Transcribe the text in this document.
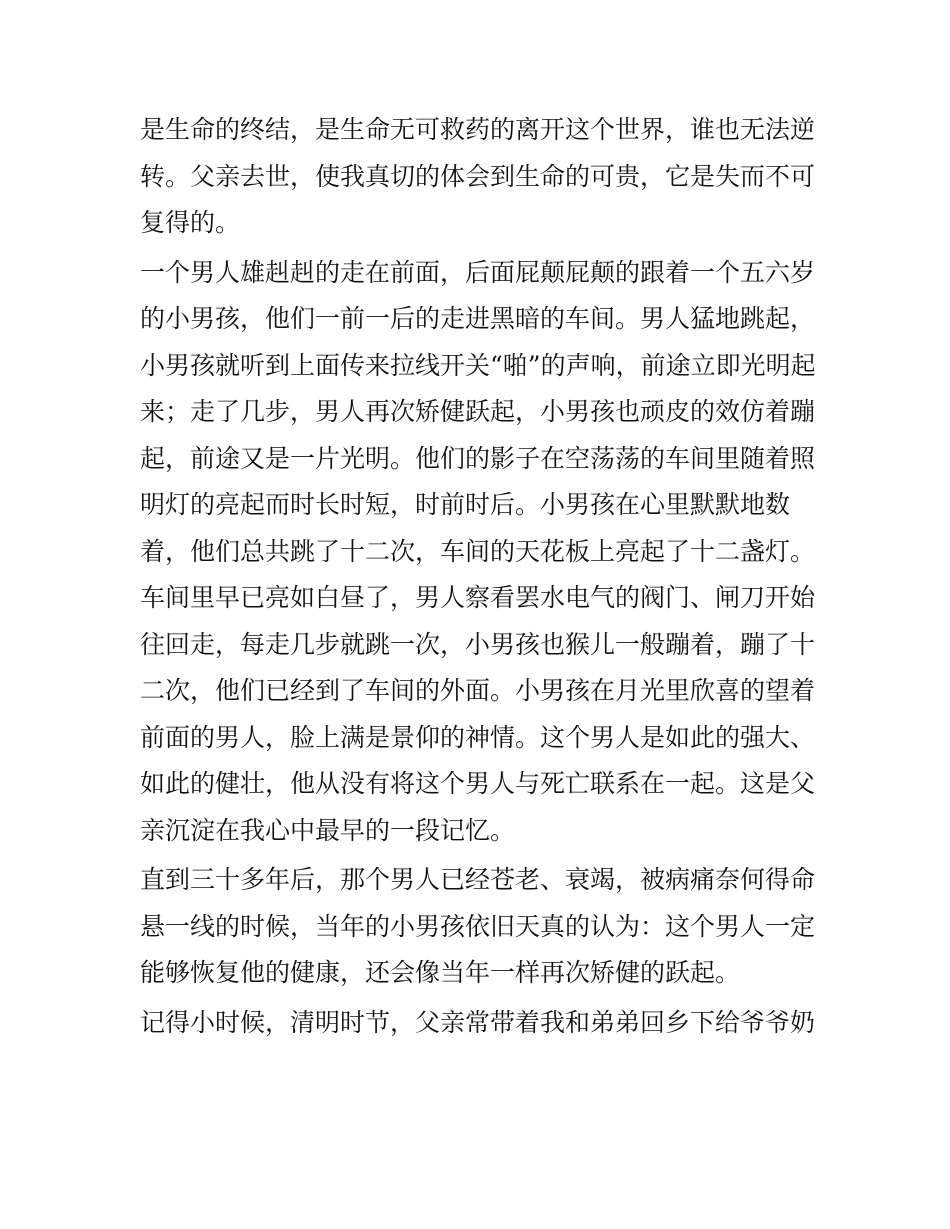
是生命的终结，是生命无可救药的离开这个世界，谁也无法逆
转。父亲去世，使我真切的体会到生命的可贵，它是失而不可
复得的。

一个男人雄赳赳的走在前面，后面屁颠屁颠的跟着一个五六岁
的小男孩，他们一前一后的走进黑暗的车间。男人猛地跳起，
小男孩就听到上面传来拉线开关“啪”的声响，前途立即光明起
来；走了几步，男人再次矫健跃起，小男孩也顽皮的效仿着蹦
起，前途又是一片光明。他们的影子在空荡荡的车间里随着照
明灯的亮起而时长时短，时前时后。小男孩在心里默默地数
着，他们总共跳了十二次，车间的天花板上亮起了十二盏灯。
车间里早已亮如白昼了，男人察看罢水电气的阀门、闸刀开始
往回走，每走几步就跳一次，小男孩也猴儿一般蹦着，蹦了十
二次，他们已经到了车间的外面。小男孩在月光里欣喜的望着
前面的男人，脸上满是景仰的神情。这个男人是如此的强大、
如此的健壮，他从没有将这个男人与死亡联系在一起。这是父
亲沉淀在我心中最早的一段记忆。

直到三十多年后，那个男人已经苍老、衰竭，被病痛奈何得命
悬一线的时候，当年的小男孩依旧天真的认为：这个男人一定
能够恢复他的健康，还会像当年一样再次矫健的跃起。

记得小时候，清明时节，父亲常带着我和弟弟回乡下给爷爷奶
